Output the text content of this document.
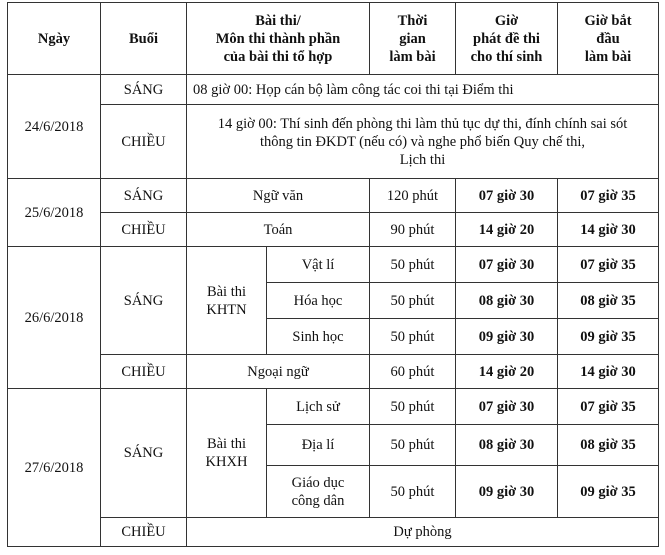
Ngày	Buổi	Bài thi/
Môn thi thành phần
của bài thi tổ hợp		Thời
gian
làm bài	Giờ
phát đề thi
cho thí sinh	Giờ bắt
đầu
làm bài
24/6/2018	SÁNG	08 giờ 00: Họp cán bộ làm công tác coi thi tại Điểm thi				
	CHIỀU	14 giờ 00: Thí sinh đến phòng thi làm thủ tục dự thi, đính chính sai sót
thông tin ĐKDT (nếu có) và nghe phổ biến Quy chế thi,
Lịch thi				
25/6/2018	SÁNG	Ngữ văn		120 phút	07 giờ 30	07 giờ 35
	CHIỀU	Toán		90 phút	14 giờ 20	14 giờ 30
26/6/2018	SÁNG	Bài thi
KHTN	Vật lí	50 phút	07 giờ 30	07 giờ 35
			Hóa học	50 phút	08 giờ 30	08 giờ 35
			Sinh học	50 phút	09 giờ 30	09 giờ 35
	CHIỀU	Ngoại ngữ		60 phút	14 giờ 20	14 giờ 30
27/6/2018	SÁNG	Bài thi
KHXH	Lịch sử	50 phút	07 giờ 30	07 giờ 35
			Địa lí	50 phút	08 giờ 30	08 giờ 35
			Giáo dục
công dân	50 phút	09 giờ 30	09 giờ 35
	CHIỀU	Dự phòng				
